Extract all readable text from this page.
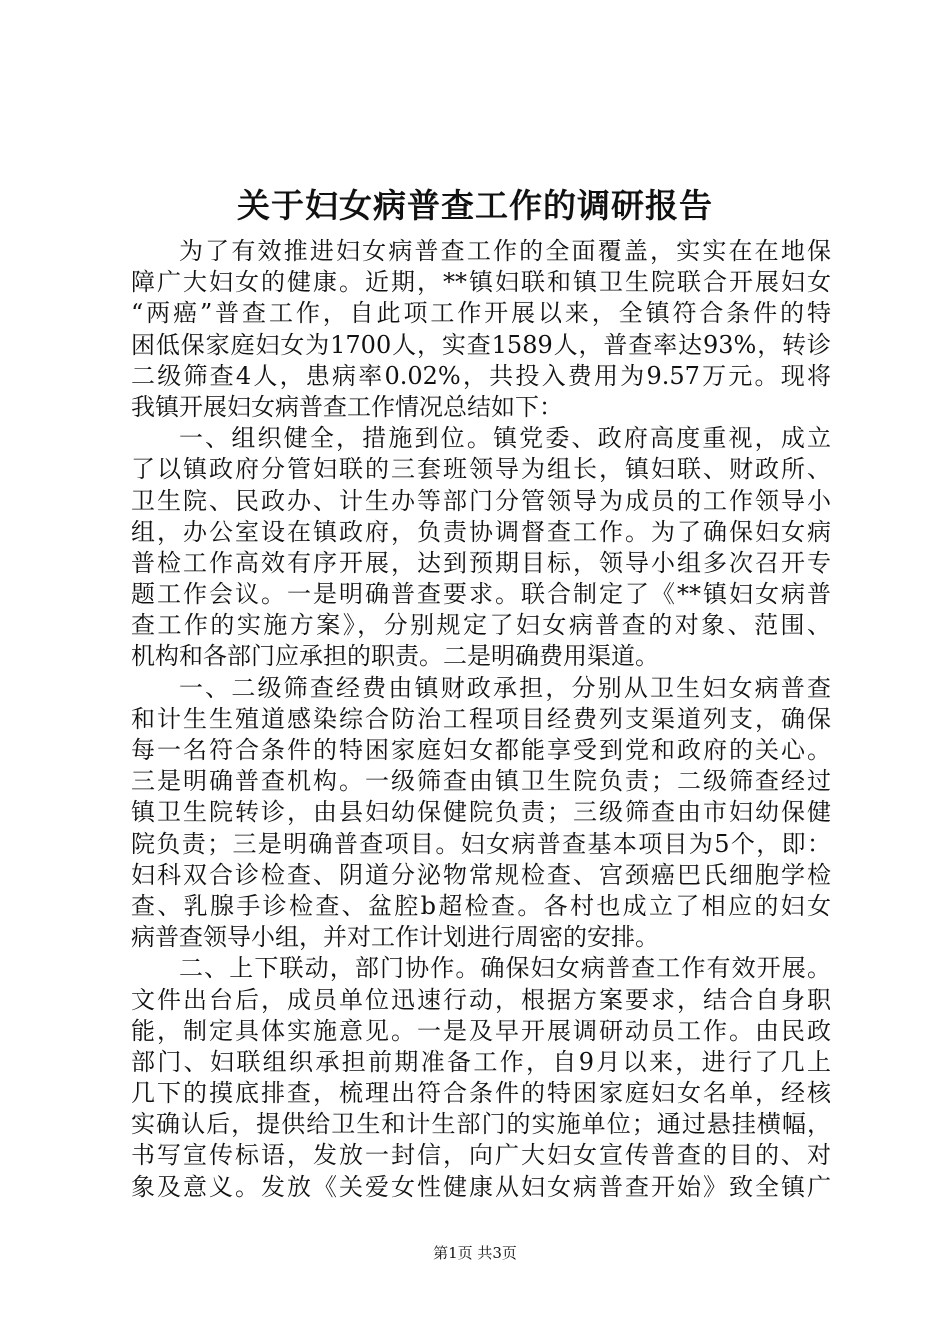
关于妇女病普查工作的调研报告
为了有效推进妇女病普查工作的全面覆盖，实实在在地保
障广大妇女的健康。近期，**镇妇联和镇卫生院联合开展妇女
“两癌”普查工作，自此项工作开展以来，全镇符合条件的特
困低保家庭妇女为1700人，实查1589人，普查率达93%，转诊
二级筛查4人，患病率0.02%，共投入费用为9.57万元。现将
我镇开展妇女病普查工作情况总结如下：
一、组织健全，措施到位。镇党委、政府高度重视，成立
了以镇政府分管妇联的三套班领导为组长，镇妇联、财政所、
卫生院、民政办、计生办等部门分管领导为成员的工作领导小
组，办公室设在镇政府，负责协调督查工作。为了确保妇女病
普检工作高效有序开展，达到预期目标，领导小组多次召开专
题工作会议。一是明确普查要求。联合制定了《**镇妇女病普
查工作的实施方案》，分别规定了妇女病普查的对象、范围、
机构和各部门应承担的职责。二是明确费用渠道。
一、二级筛查经费由镇财政承担，分别从卫生妇女病普查
和计生生殖道感染综合防治工程项目经费列支渠道列支，确保
每一名符合条件的特困家庭妇女都能享受到党和政府的关心。
三是明确普查机构。一级筛查由镇卫生院负责；二级筛查经过
镇卫生院转诊，由县妇幼保健院负责；三级筛查由市妇幼保健
院负责；三是明确普查项目。妇女病普查基本项目为5个，即：
妇科双合诊检查、阴道分泌物常规检查、宫颈癌巴氏细胞学检
查、乳腺手诊检查、盆腔b超检查。各村也成立了相应的妇女
病普查领导小组，并对工作计划进行周密的安排。
二、上下联动，部门协作。确保妇女病普查工作有效开展。
文件出台后，成员单位迅速行动，根据方案要求，结合自身职
能，制定具体实施意见。一是及早开展调研动员工作。由民政
部门、妇联组织承担前期准备工作，自9月以来，进行了几上
几下的摸底排查，梳理出符合条件的特困家庭妇女名单，经核
实确认后，提供给卫生和计生部门的实施单位；通过悬挂横幅，
书写宣传标语，发放一封信，向广大妇女宣传普查的目的、对
象及意义。发放《关爱女性健康从妇女病普查开始》致全镇广
第1页 共3页
